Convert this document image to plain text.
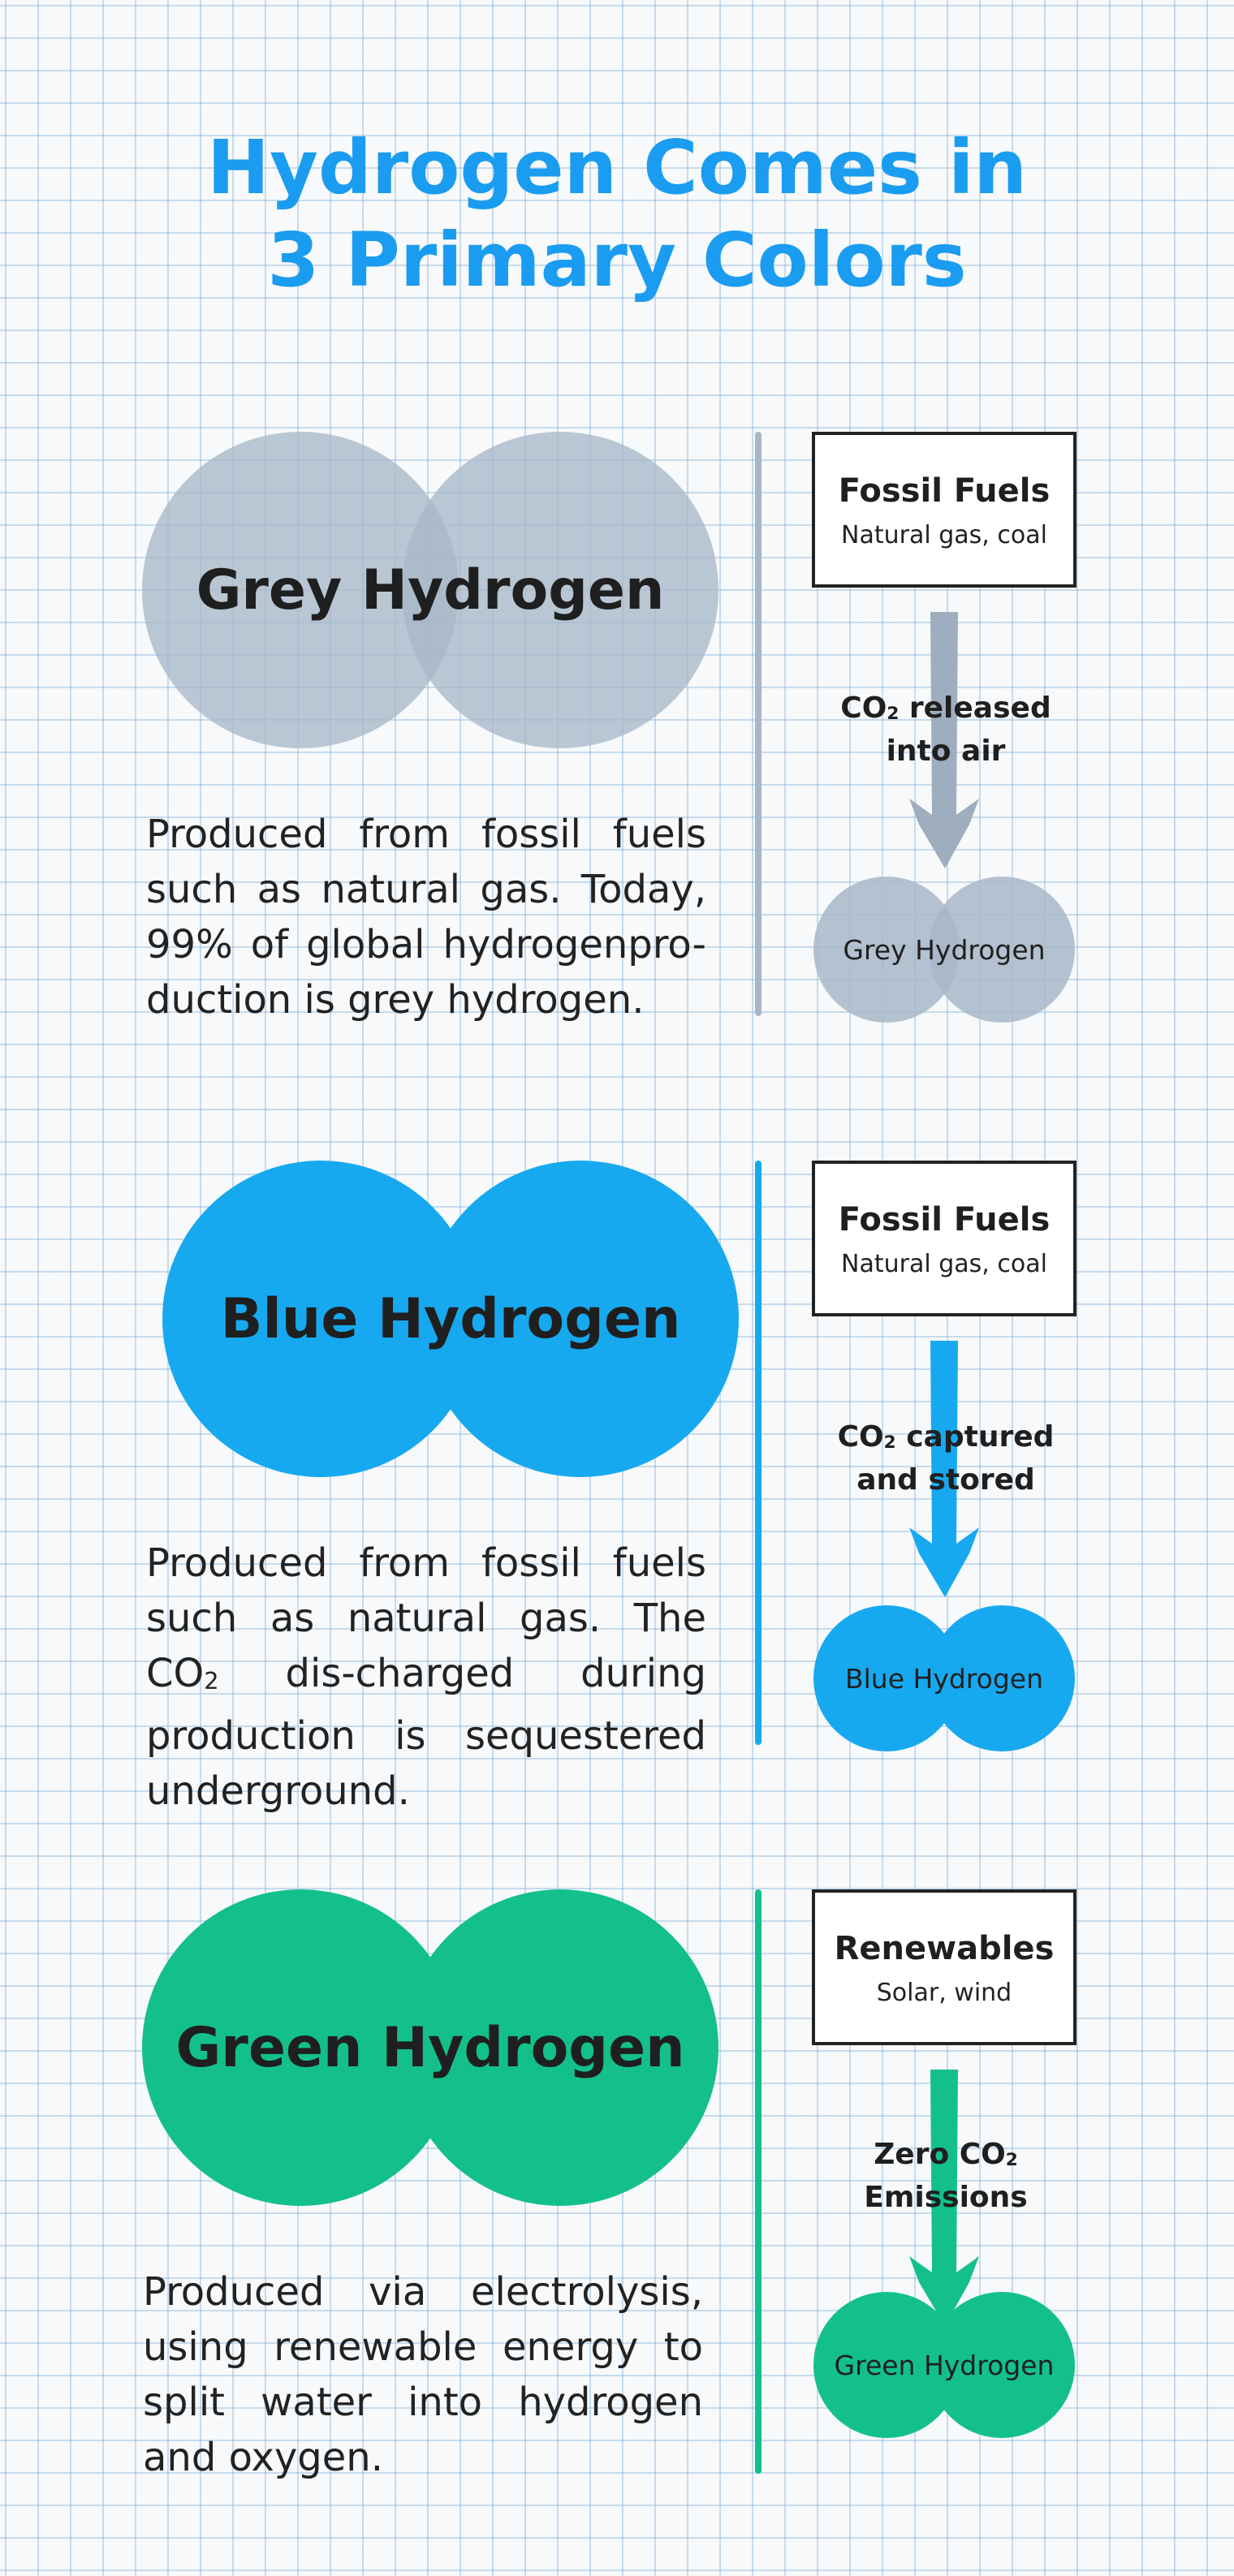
Hydrogen Comes in
3 Primary Colors
Grey Hydrogen

Produced from fossil fuels such as natural gas. Today, 99% of global hydrogenpro-duction is grey hydrogen.

Fossil Fuels
Natural gas, coal
$CO_2$ released
into air
Grey Hydrogen
Blue Hydrogen

Produced from fossil fuels such as natural gas. The $CO_2$ dis-charged during production is sequestered underground.

Fossil Fuels
Natural gas, coal
$CO_2$ captured
and stored
Blue Hydrogen
Green Hydrogen

Produced via electrolysis, using renewable energy to split water into hydrogen and oxygen.

Renewables
Solar, wind
Zero $CO_2$
Emissions
Green Hydrogen
